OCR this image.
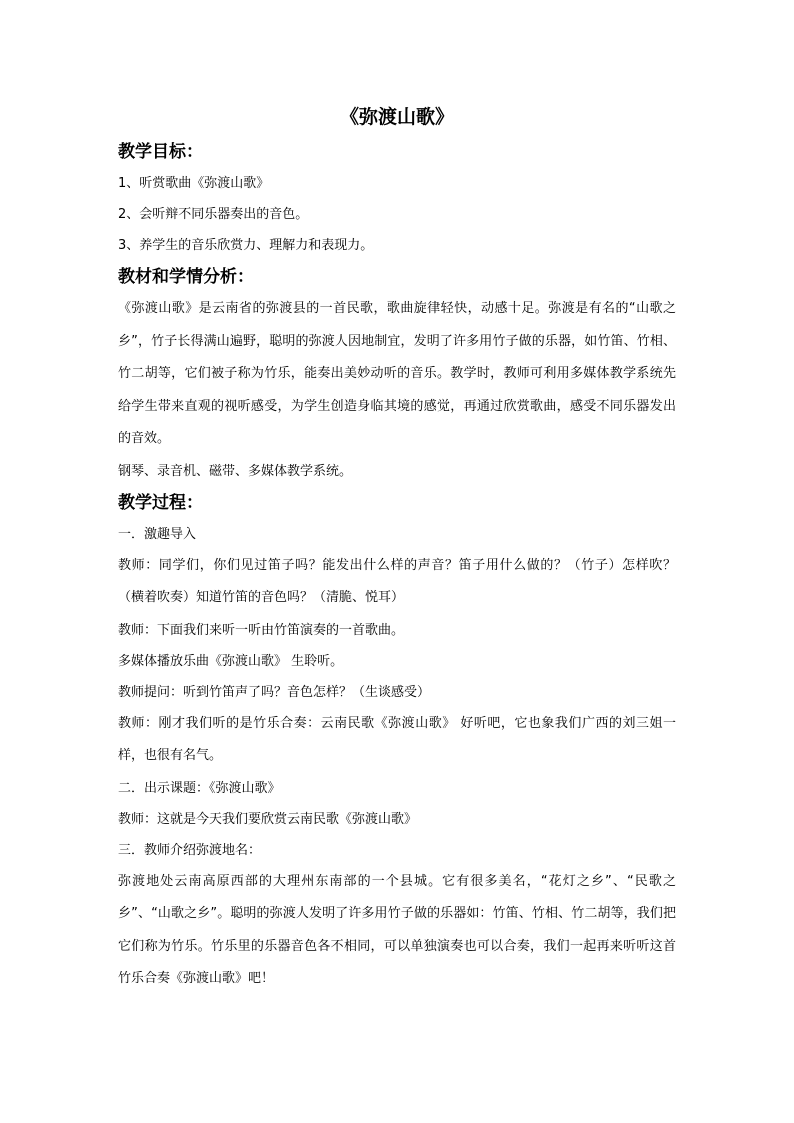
《弥渡山歌》
教学目标：
1、听赏歌曲《弥渡山歌》
2、会听辩不同乐器奏出的音色。
3、养学生的音乐欣赏力、理解力和表现力。
教材和学情分析：
《弥渡山歌》是云南省的弥渡县的一首民歌，歌曲旋律轻快，动感十足。弥渡是有名的“山歌之乡”，竹子长得满山遍野，聪明的弥渡人因地制宜，发明了许多用竹子做的乐器，如竹笛、竹相、竹二胡等，它们被子称为竹乐，能奏出美妙动听的音乐。教学时，教师可利用多媒体教学系统先给学生带来直观的视听感受，为学生创造身临其境的感觉，再通过欣赏歌曲，感受不同乐器发出的音效。
钢琴、录音机、磁带、多媒体教学系统。
教学过程：
一．激趣导入
教师：同学们，你们见过笛子吗？能发出什么样的声音？笛子用什么做的？（竹子）怎样吹？（横着吹奏）知道竹笛的音色吗？（清脆、悦耳）
教师：下面我们来听一听由竹笛演奏的一首歌曲。
多媒体播放乐曲《弥渡山歌》 生聆听。
教师提问：听到竹笛声了吗？音色怎样？（生谈感受）
教师：刚才我们听的是竹乐合奏：云南民歌《弥渡山歌》 好听吧，它也象我们广西的刘三姐一样，也很有名气。
二．出示课题：《弥渡山歌》
教师：这就是今天我们要欣赏云南民歌《弥渡山歌》
三．教师介绍弥渡地名：
弥渡地处云南高原西部的大理州东南部的一个县城。它有很多美名，“花灯之乡”、“民歌之乡”、“山歌之乡”。聪明的弥渡人发明了许多用竹子做的乐器如：竹笛、竹相、竹二胡等，我们把它们称为竹乐。竹乐里的乐器音色各不相同，可以单独演奏也可以合奏，我们一起再来听听这首竹乐合奏《弥渡山歌》吧！
